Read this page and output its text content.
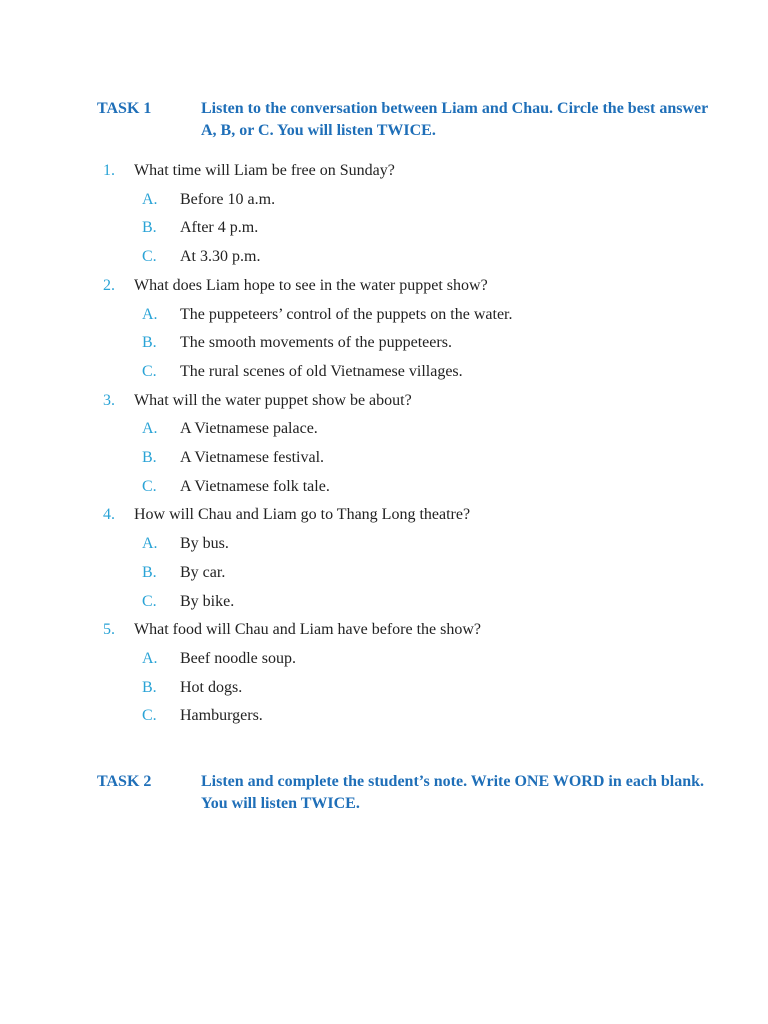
TASK 1	Listen to the conversation between Liam and Chau. Circle the best answer A, B, or C. You will listen TWICE.
1. What time will Liam be free on Sunday?
A. Before 10 a.m.
B. After 4 p.m.
C. At 3.30 p.m.
2. What does Liam hope to see in the water puppet show?
A. The puppeteers’ control of the puppets on the water.
B. The smooth movements of the puppeteers.
C. The rural scenes of old Vietnamese villages.
3. What will the water puppet show be about?
A. A Vietnamese palace.
B. A Vietnamese festival.
C. A Vietnamese folk tale.
4. How will Chau and Liam go to Thang Long theatre?
A. By bus.
B. By car.
C. By bike.
5. What food will Chau and Liam have before the show?
A. Beef noodle soup.
B. Hot dogs.
C. Hamburgers.
TASK 2	Listen and complete the student’s note. Write ONE WORD in each blank. You will listen TWICE.
